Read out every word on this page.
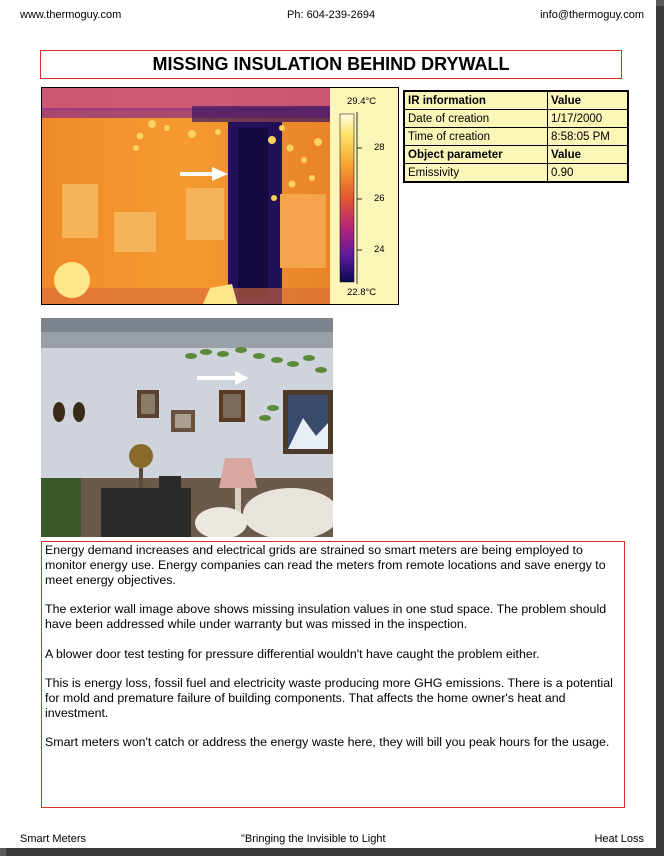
www.thermoguy.com	Ph: 604-239-2694	info@thermoguy.com
MISSING INSULATION BEHIND DRYWALL
29.4°C
22.8°C
28
26
24
IR information	Value
Date of creation	1/17/2000
Time of creation	8:58:05 PM
Object parameter	Value
Emissivity	0.90

Energy demand increases and electrical grids are strained so smart meters are being employed to monitor energy use. Energy companies can read the meters from remote locations and save energy to meet energy objectives.

The exterior wall image above shows missing insulation values in one stud space. The problem should have been addressed while under warranty but was missed in the inspection.

A blower door test testing for pressure differential wouldn't have caught the problem either.

This is energy loss, fossil fuel and electricity waste producing more GHG emissions. There is a potential for mold and premature failure of building components. That affects the home owner's heat and investment.

Smart meters won't catch or address the energy waste here, they will bill you peak hours for the usage.

Smart Meters	"Bringing the Invisible to Light	Heat Loss
